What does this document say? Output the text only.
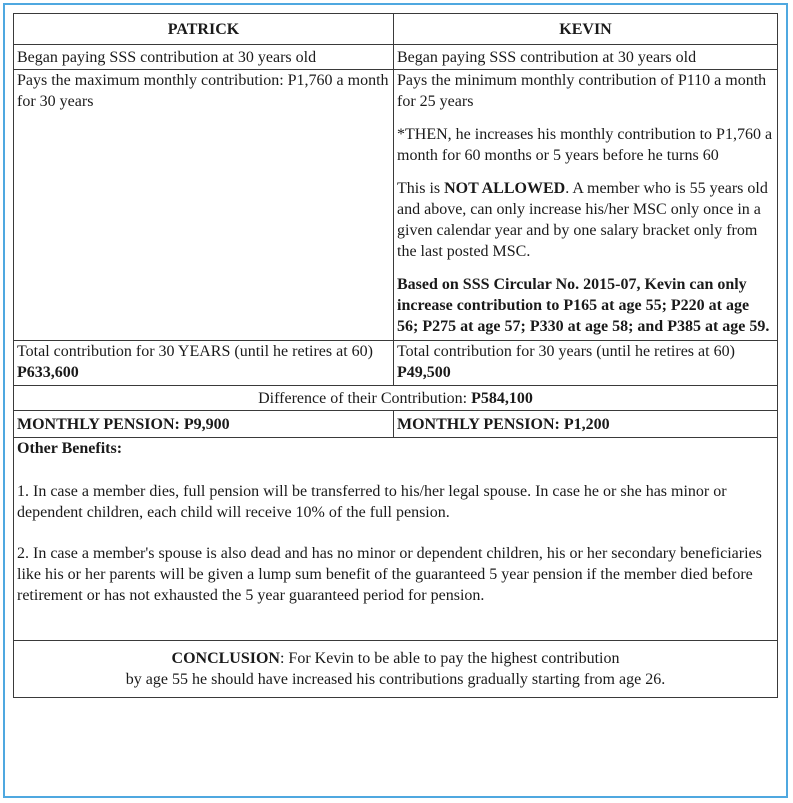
PATRICK	KEVIN
Began paying SSS contribution at 30 years old	Began paying SSS contribution at 30 years old
Pays the maximum monthly contribution: P1,760 a month for 30 years	Pays the minimum monthly contribution of P110 a month for 25 years

*THEN, he increases his monthly contribution to P1,760 a month for 60 months or 5 years before he turns 60

This is NOT ALLOWED. A member who is 55 years old and above, can only increase his/her MSC only once in a given calendar year and by one salary bracket only from the last posted MSC.

Based on SSS Circular No. 2015-07, Kevin can only increase contribution to P165 at age 55; P220 at age 56; P275 at age 57; P330 at age 58; and P385 at age 59.

Total contribution for 30 YEARS (until he retires at 60) P633,600	Total contribution for 30 years (until he retires at 60) P49,500
Difference of their Contribution: P584,100	
MONTHLY PENSION: P9,900	MONTHLY PENSION: P1,200

Other Benefits:

1. In case a member dies, full pension will be transferred to his/her legal spouse. In case he or she has minor or dependent children, each child will receive 10% of the full pension.

2. In case a member's spouse is also dead and has no minor or dependent children, his or her secondary beneficiaries like his or her parents will be given a lump sum benefit of the guaranteed 5 year pension if the member died before retirement or has not exhausted the 5 year guaranteed period for pension.	

CONCLUSION: For Kevin to be able to pay the highest contribution
by age 55 he should have increased his contributions gradually starting from age 26.	
